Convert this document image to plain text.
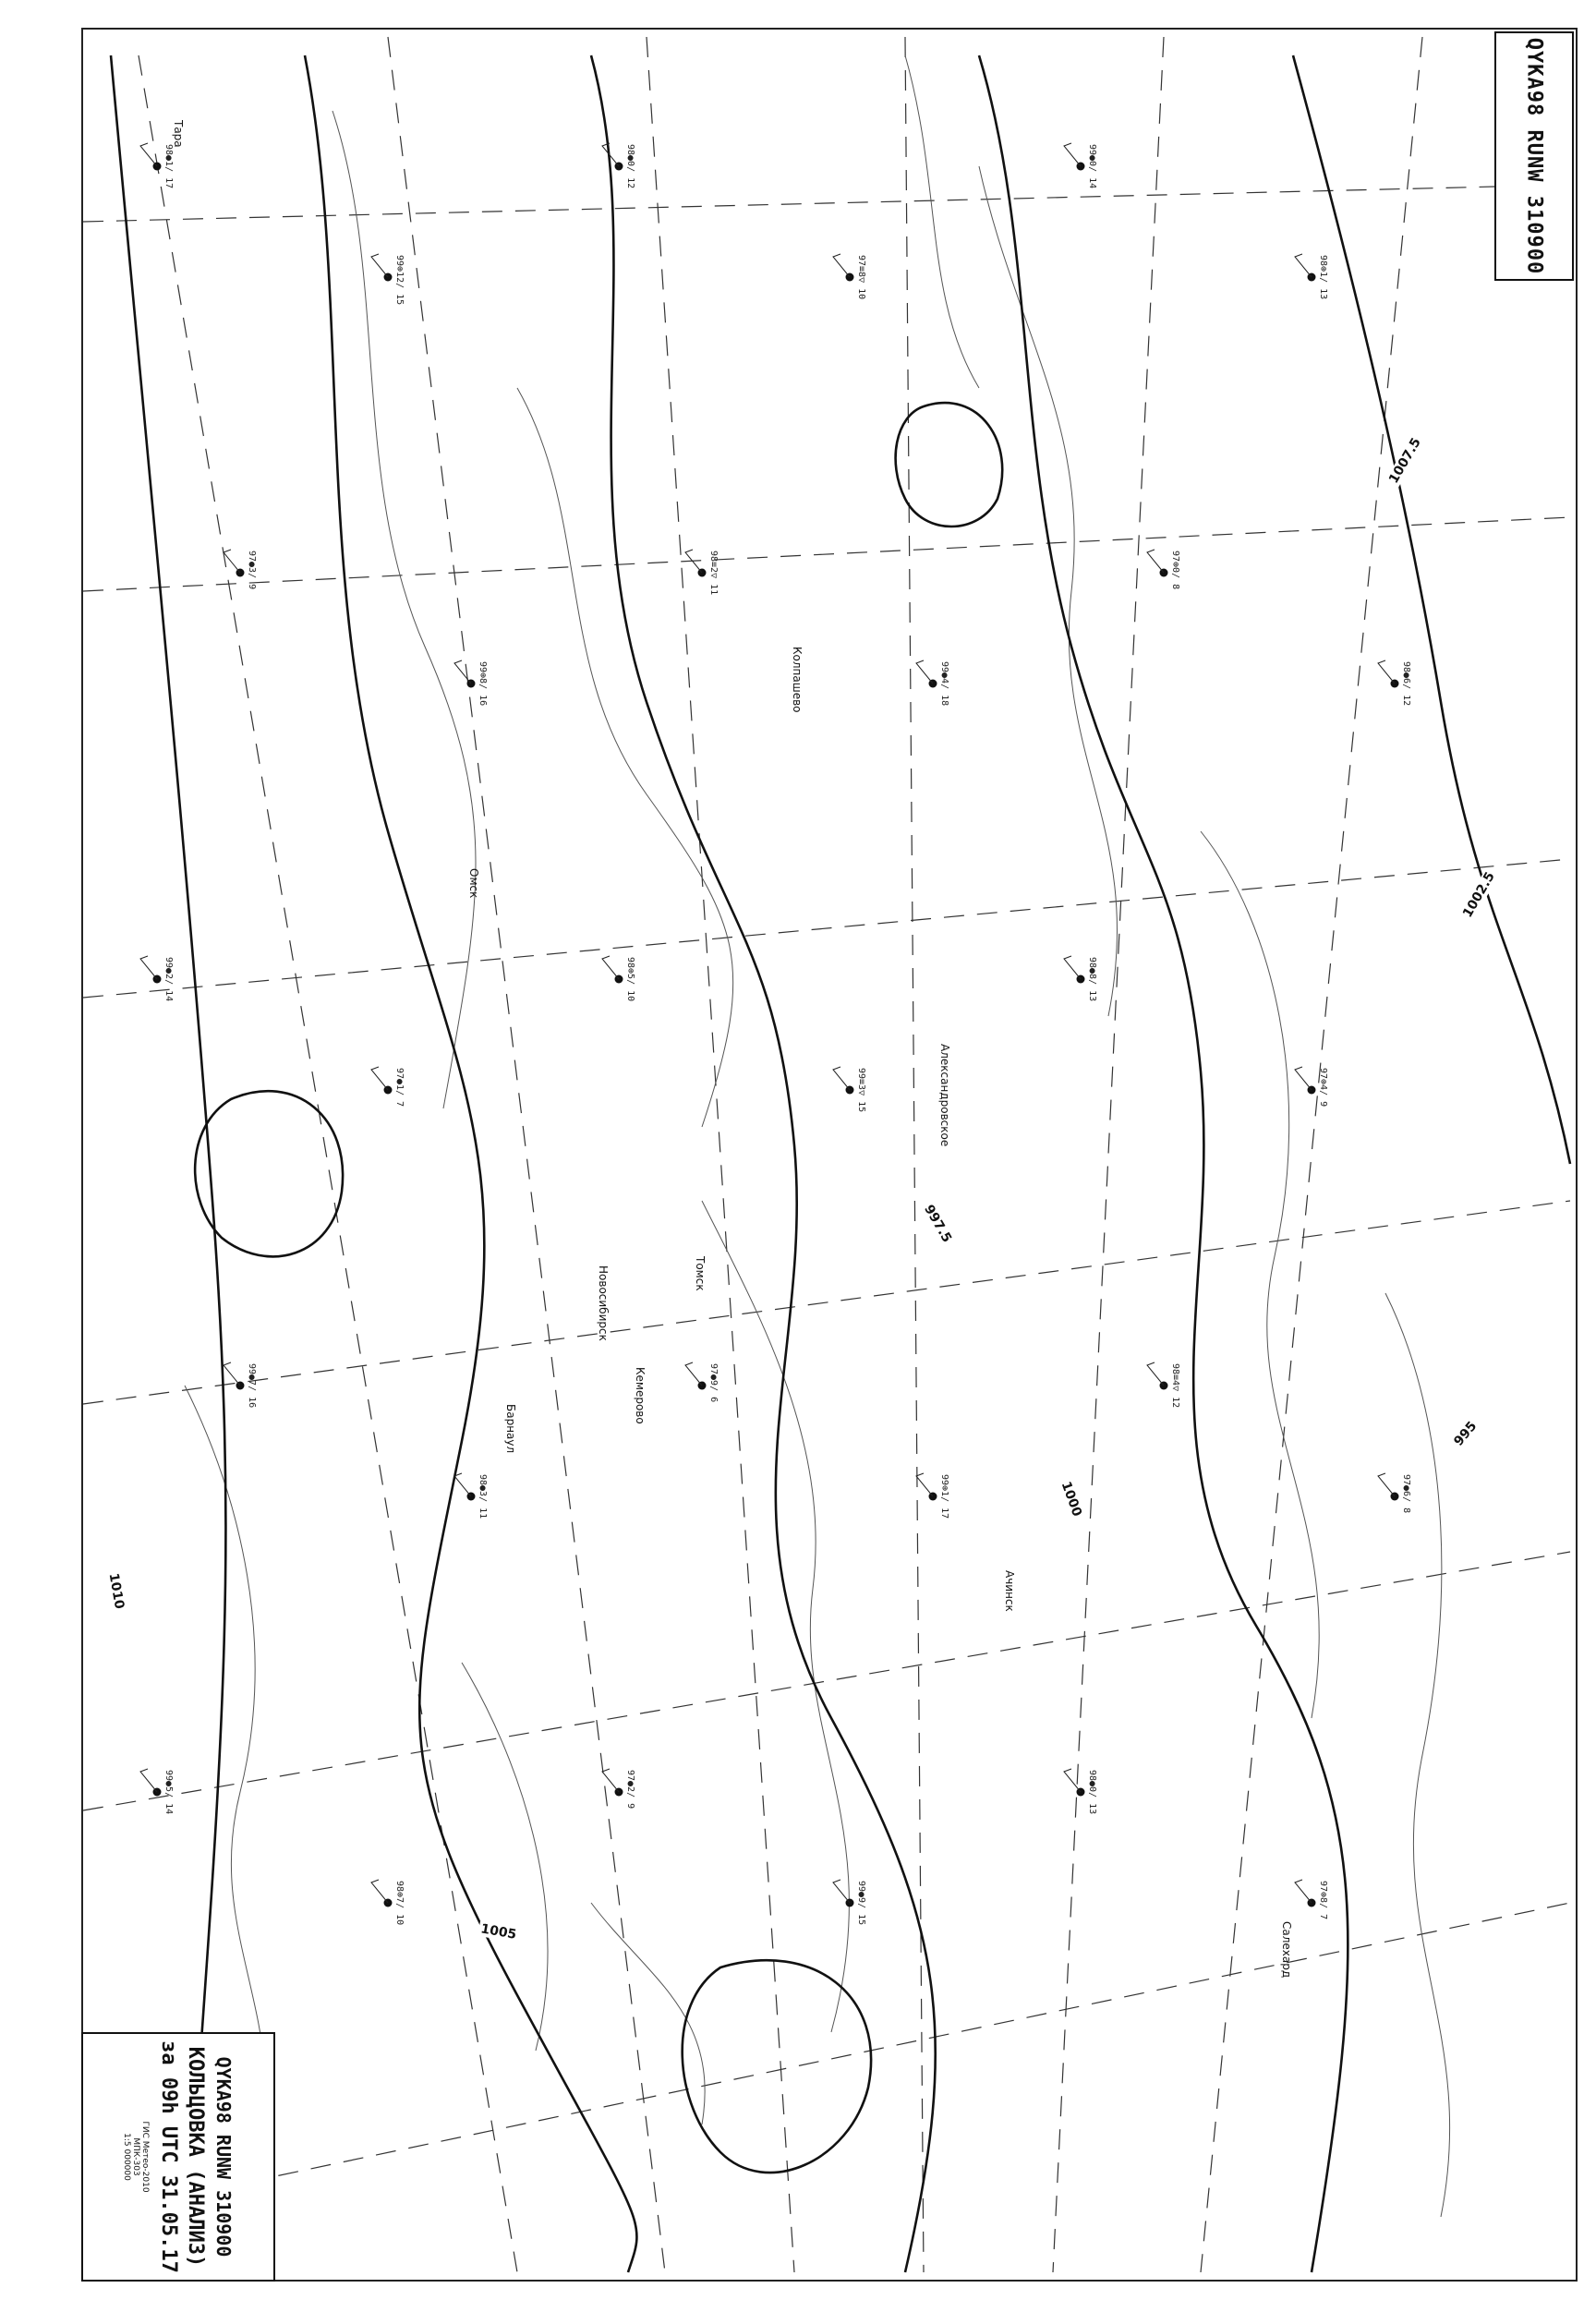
QYKA98 RUNW 310900
QYKA98 RUNW 310900
КОЛЬЦОВКА (АНАЛИЗ)
за 09h UTC 31.05.17
ГИС Метео-2010
МПК-303
1:5 000000
Томск
Новосибирск
Кемерово
Омск
Тара
Колпашево
Барнаул
Ачинск
Александровское
Салехард
1000
1005
1007.5
1010
995
1002.5
997.5
98●1/ 17
99⊕12/ 15
98●0/ 12
97≡8▽ 10
99●0/ 14
98⊕1/ 13
97●3/ 9
99⊕8/ 16
98≡2▽ 11
99●4/ 18
97⊕0/ 8
98●6/ 12
99●2/ 14
97●1/ 7
98⊕5/ 10
99≡3▽ 15
98●8/ 13
97⊕4/ 9
99●7/ 16
98●3/ 11
97●9/ 6
99⊕1/ 17
98≡4▽ 12
97●6/ 8
99●5/ 14
98⊕7/ 10
97●2/ 9
99●9/ 15
98●0/ 13
97⊕8/ 7
